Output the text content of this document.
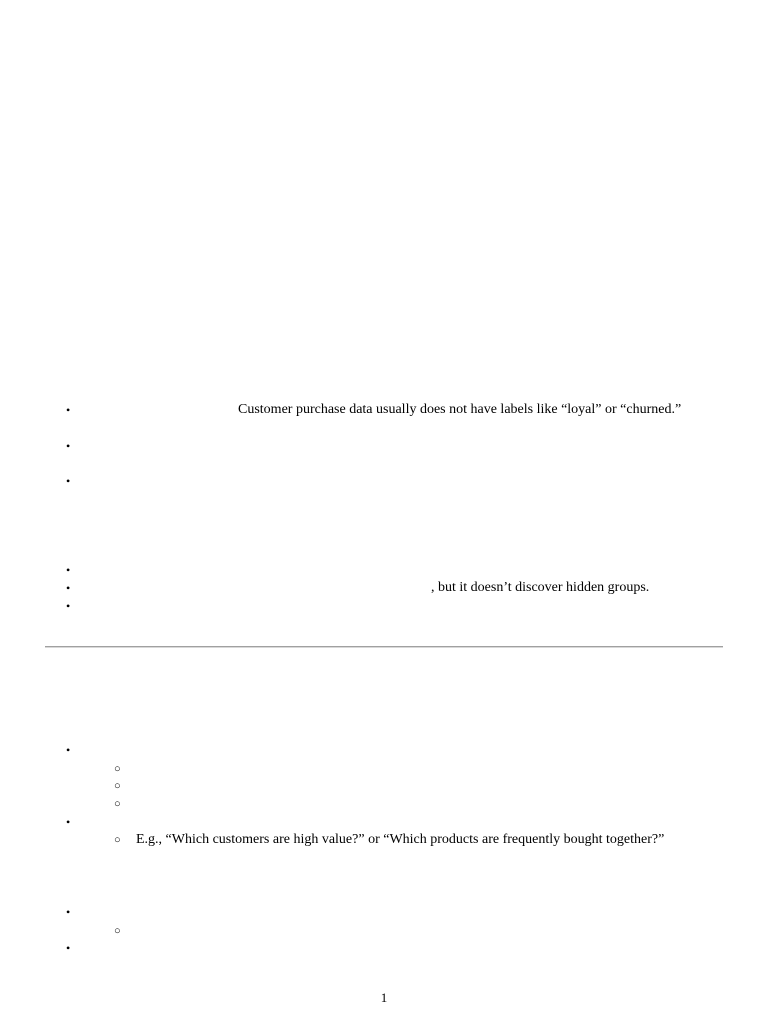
•	Customer purchase data usually does not have labels like “loyal” or “churned.”
•
•
•
•	, but it doesn’t discover hidden groups.
•
•
○
○
○
•
○ E.g., “Which customers are high value?” or “Which products are frequently bought together?”
•
○
•
1
